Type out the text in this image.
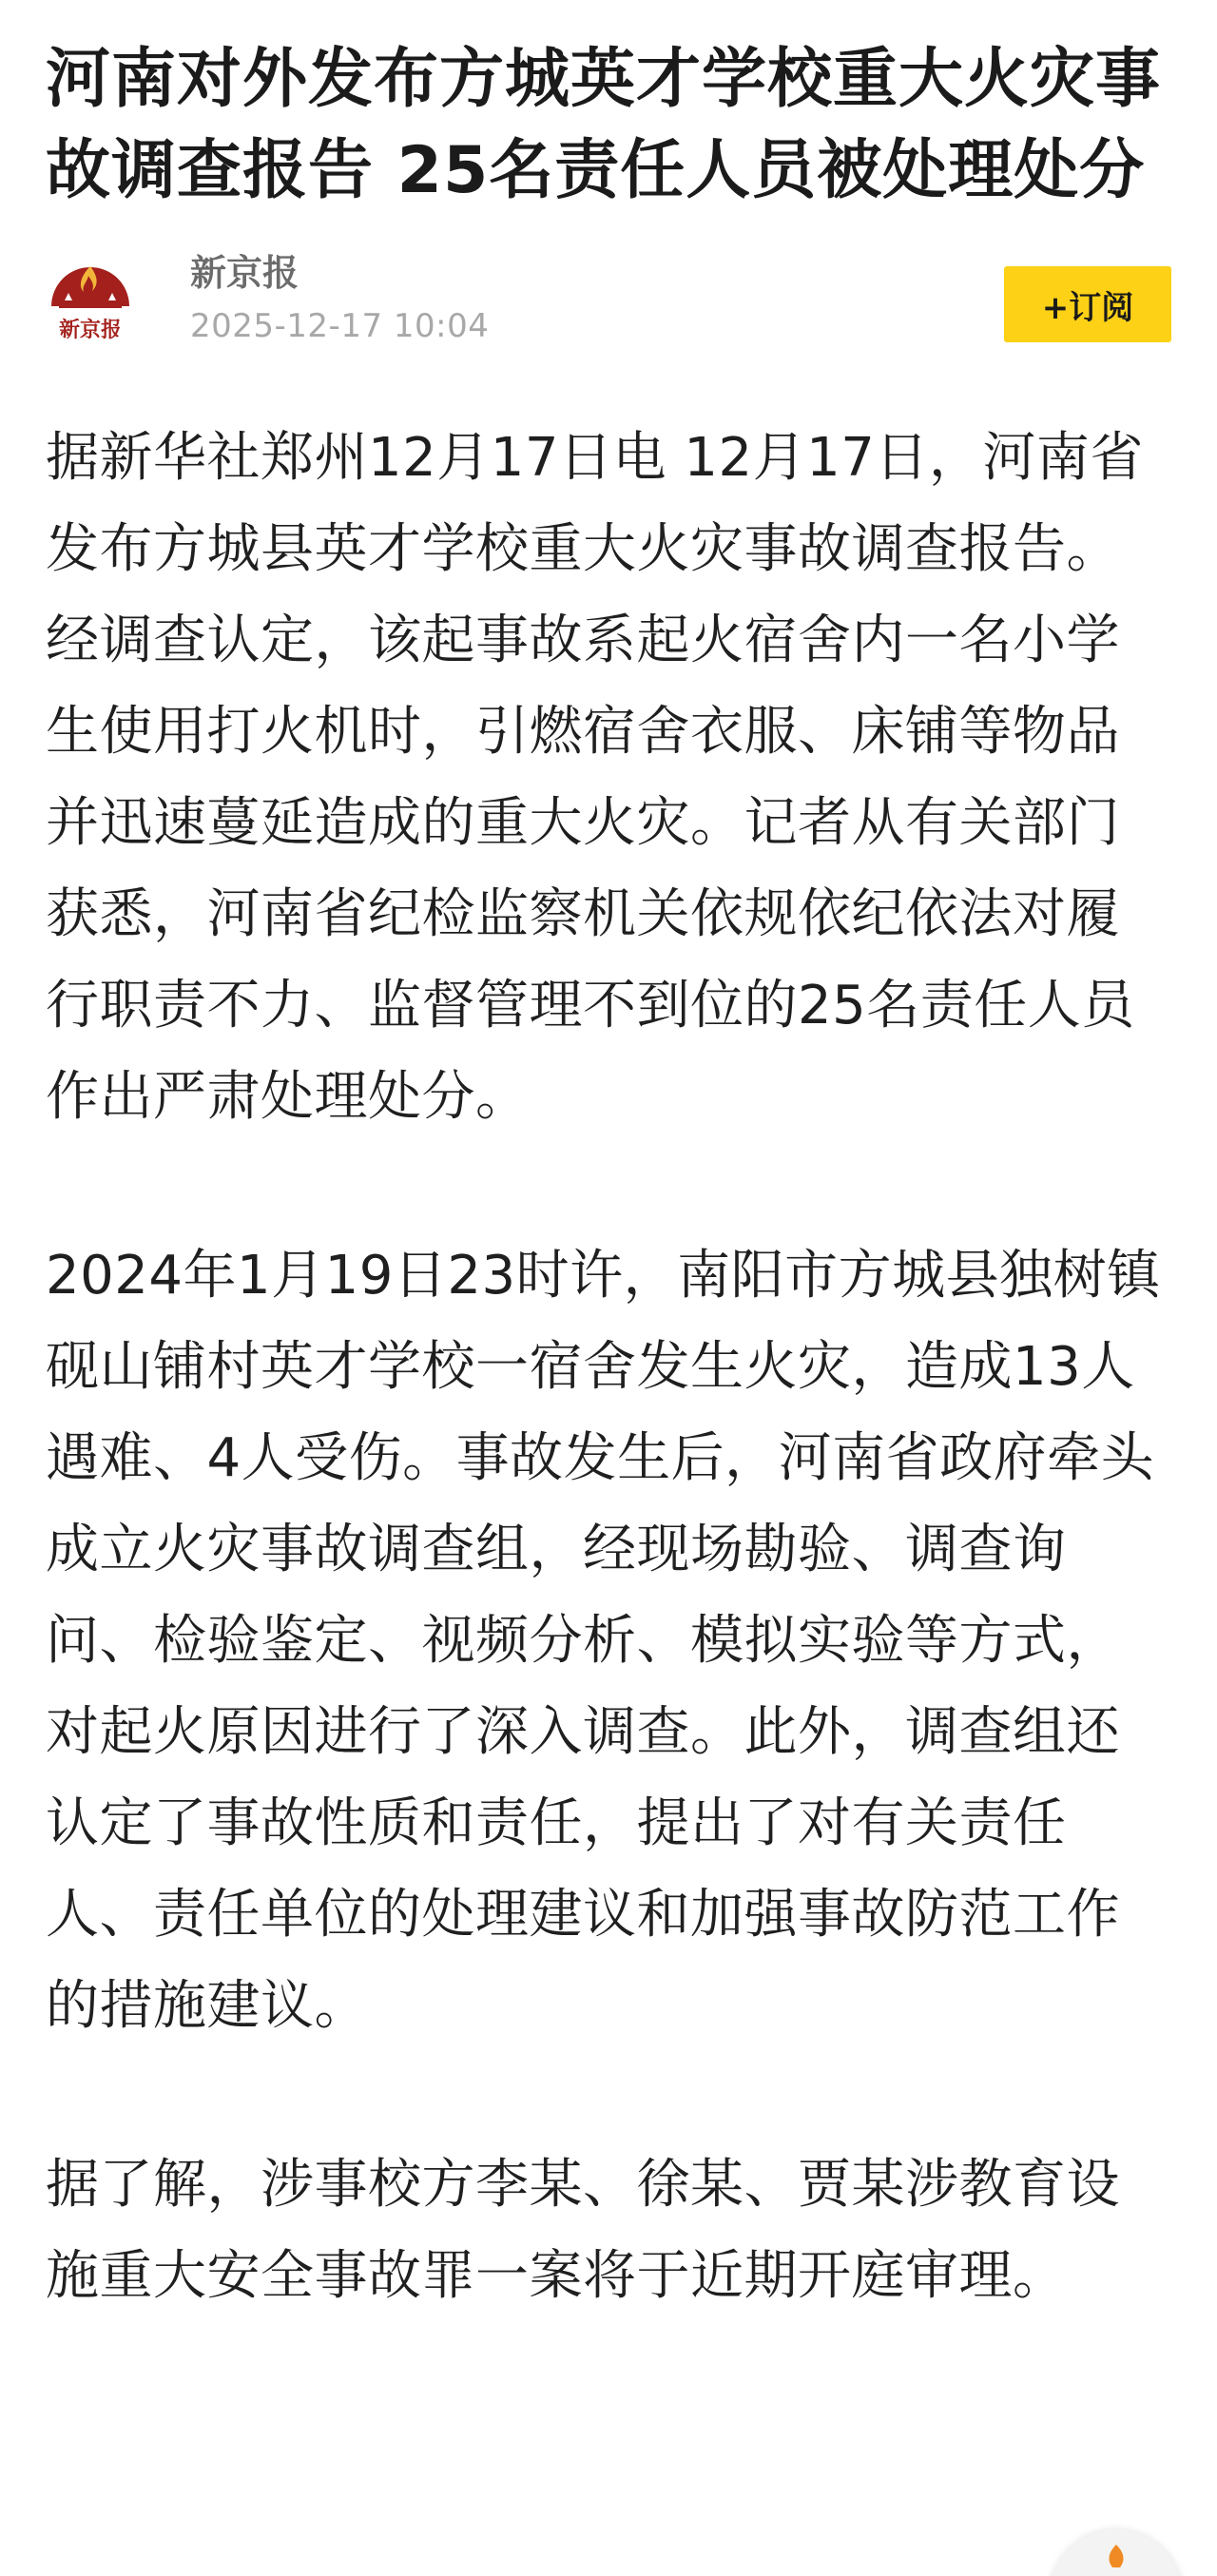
河南对外发布方城英才学校重大火灾事故调查报告 25名责任人员被处理处分
新京报
新京报
2025-12-17 10:04	+订阅

据新华社郑州12月17日电 12月17日，河南省发布方城县英才学校重大火灾事故调查报告。经调查认定，该起事故系起火宿舍内一名小学生使用打火机时，引燃宿舍衣服、床铺等物品并迅速蔓延造成的重大火灾。记者从有关部门获悉，河南省纪检监察机关依规依纪依法对履行职责不力、监督管理不到位的25名责任人员作出严肃处理处分。

2024年1月19日23时许，南阳市方城县独树镇砚山铺村英才学校一宿舍发生火灾，造成13人遇难、4人受伤。事故发生后，河南省政府牵头成立火灾事故调查组，经现场勘验、调查询问、检验鉴定、视频分析、模拟实验等方式，对起火原因进行了深入调查。此外，调查组还认定了事故性质和责任，提出了对有关责任人、责任单位的处理建议和加强事故防范工作的措施建议。

据了解，涉事校方李某、徐某、贾某涉教育设施重大安全事故罪一案将于近期开庭审理。
